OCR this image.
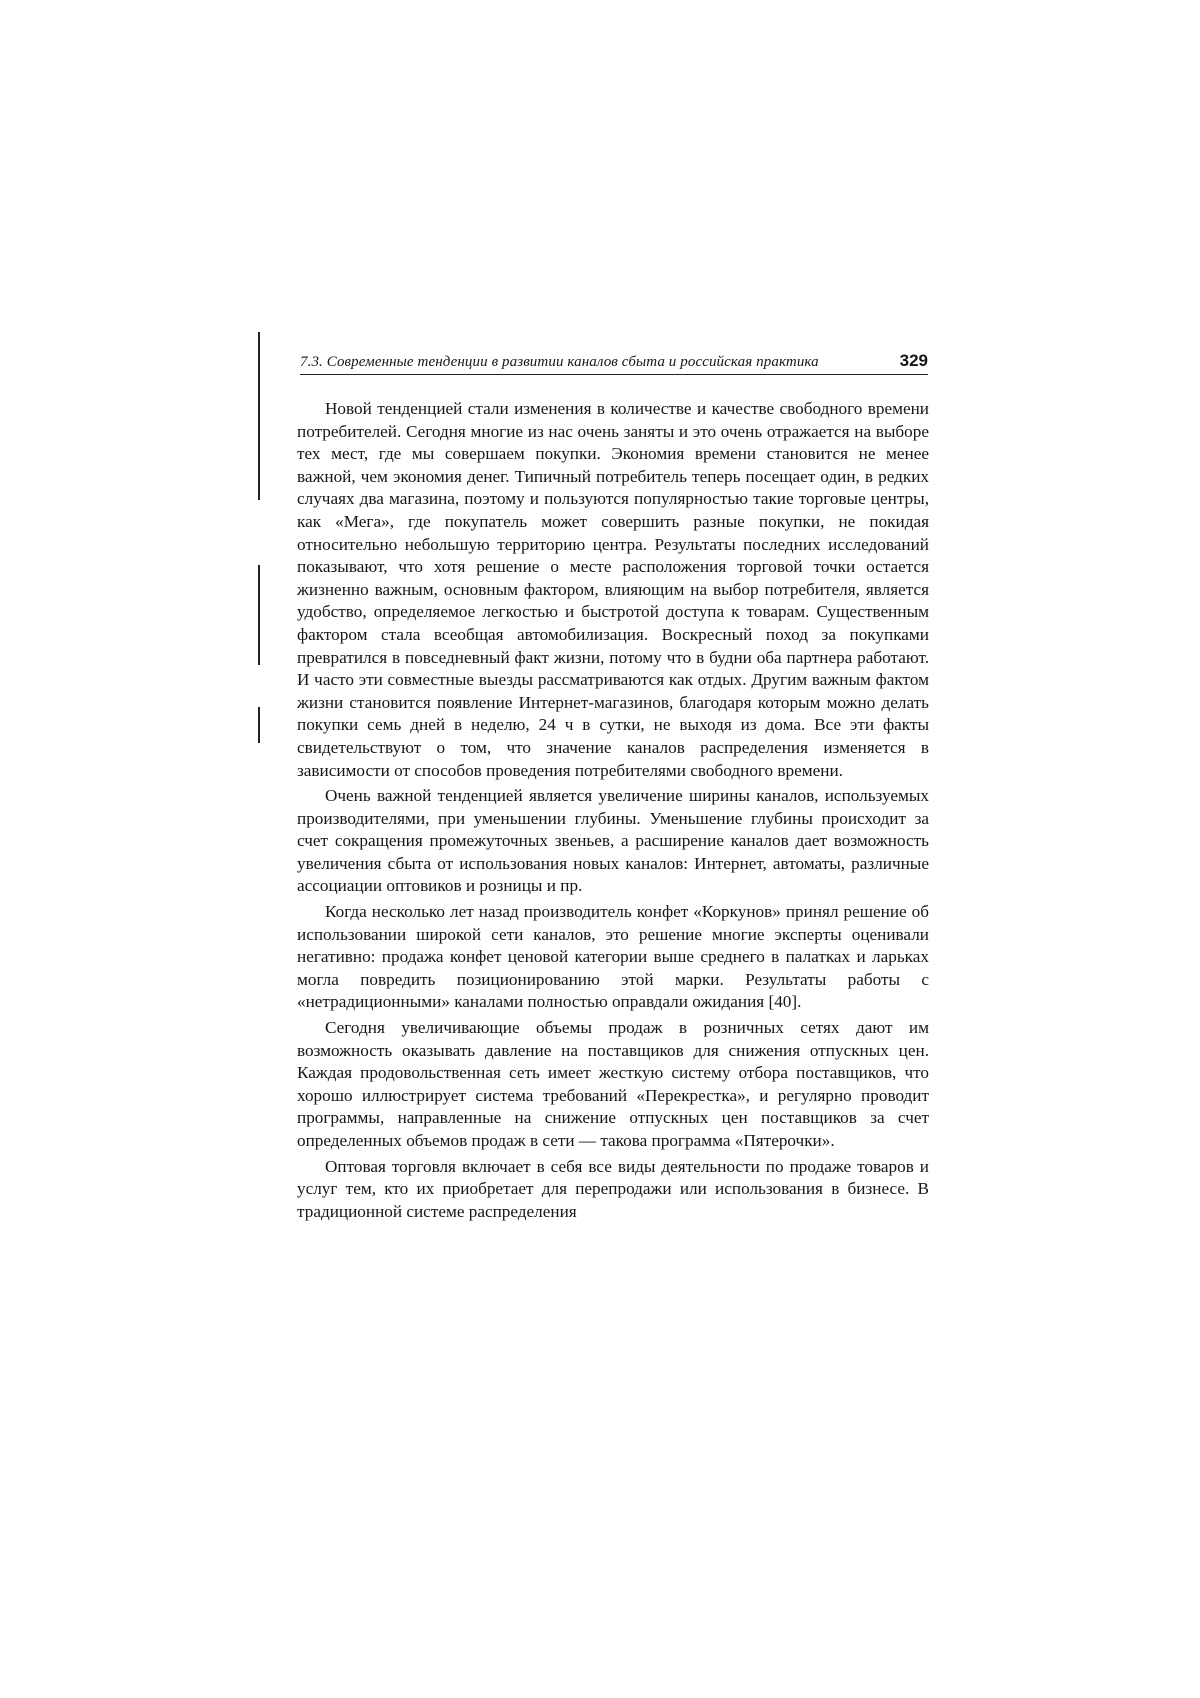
7.3. Современные тенденции в развитии каналов сбыта и российская практика	329

Новой тенденцией стали изменения в количестве и качестве свободного времени потребителей. Сегодня многие из нас очень заняты и это очень отражается на выборе тех мест, где мы совершаем покупки. Экономия времени становится не менее важной, чем экономия денег. Типичный потребитель теперь посещает один, в редких случаях два магазина, поэтому и пользуются популярностью такие торговые центры, как «Мега», где покупатель может совершить разные покупки, не покидая относительно небольшую территорию центра. Результаты последних исследований показывают, что хотя решение о месте расположения торговой точки остается жизненно важным, основным фактором, влияющим на выбор потребителя, является удобство, определяемое легкостью и быстротой доступа к товарам. Существенным фактором стала всеобщая автомобилизация. Воскресный поход за покупками превратился в повседневный факт жизни, потому что в будни оба партнера работают. И часто эти совместные выезды рассматриваются как отдых. Другим важным фактом жизни становится появление Интернет-магазинов, благодаря которым можно делать покупки семь дней в неделю, 24 ч в сутки, не выходя из дома. Все эти факты свидетельствуют о том, что значение каналов распределения изменяется в зависимости от способов проведения потребителями свободного времени.

Очень важной тенденцией является увеличение ширины каналов, используемых производителями, при уменьшении глубины. Уменьшение глубины происходит за счет сокращения промежуточных звеньев, а расширение каналов дает возможность увеличения сбыта от использования новых каналов: Интернет, автоматы, различные ассоциации оптовиков и розницы и пр.

Когда несколько лет назад производитель конфет «Коркунов» принял решение об использовании широкой сети каналов, это решение многие эксперты оценивали негативно: продажа конфет ценовой категории выше среднего в палатках и ларьках могла повредить позиционированию этой марки. Результаты работы с «нетрадиционными» каналами полностью оправдали ожидания [40].

Сегодня увеличивающие объемы продаж в розничных сетях дают им возможность оказывать давление на поставщиков для снижения отпускных цен. Каждая продовольственная сеть имеет жесткую систему отбора поставщиков, что хорошо иллюстрирует система требований «Перекрестка», и регулярно проводит программы, направленные на снижение отпускных цен поставщиков за счет определенных объемов продаж в сети — такова программа «Пятерочки».

Оптовая торговля включает в себя все виды деятельности по продаже товаров и услуг тем, кто их приобретает для перепродажи или использования в бизнесе. В традиционной системе распределения
